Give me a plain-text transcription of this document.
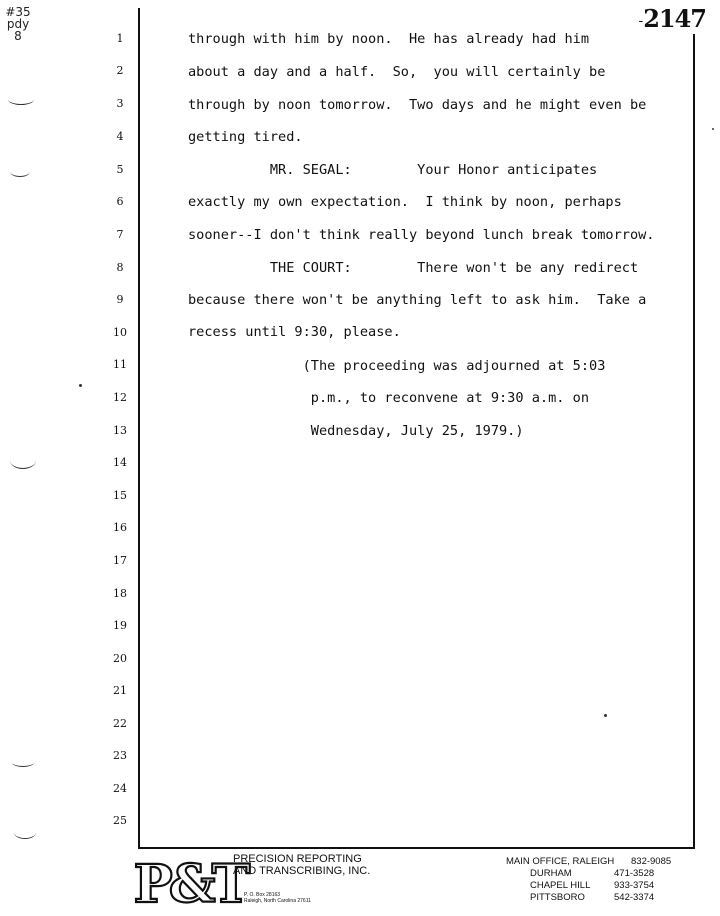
#35
pdy
8
-2147
1
2
3
4
5
6
7
8
9
10
11
12
13
14
15
16
17
18
19
20
21
22
23
24
25
through with him by noon.  He has already had him
about a day and a half.  So,  you will certainly be
through by noon tomorrow.  Two days and he might even be
getting tired.
MR. SEGAL:        Your Honor anticipates
exactly my own expectation.  I think by noon, perhaps
sooner--I don't think really beyond lunch break tomorrow.
THE COURT:        There won't be any redirect
because there won't be anything left to ask him.  Take a
recess until 9:30, please.
(The proceeding was adjourned at 5:03
p.m., to reconvene at 9:30 a.m. on
Wednesday, July 25, 1979.)
P&T
PRECISION REPORTING
AND TRANSCRIBING, INC.
P. O. Box 28163
Raleigh, North Carolina 27611
MAIN OFFICE, RALEIGH 832-9085
DURHAM	471-3528
CHAPEL HILL 933-3754
PITTSBORO	542-3374
